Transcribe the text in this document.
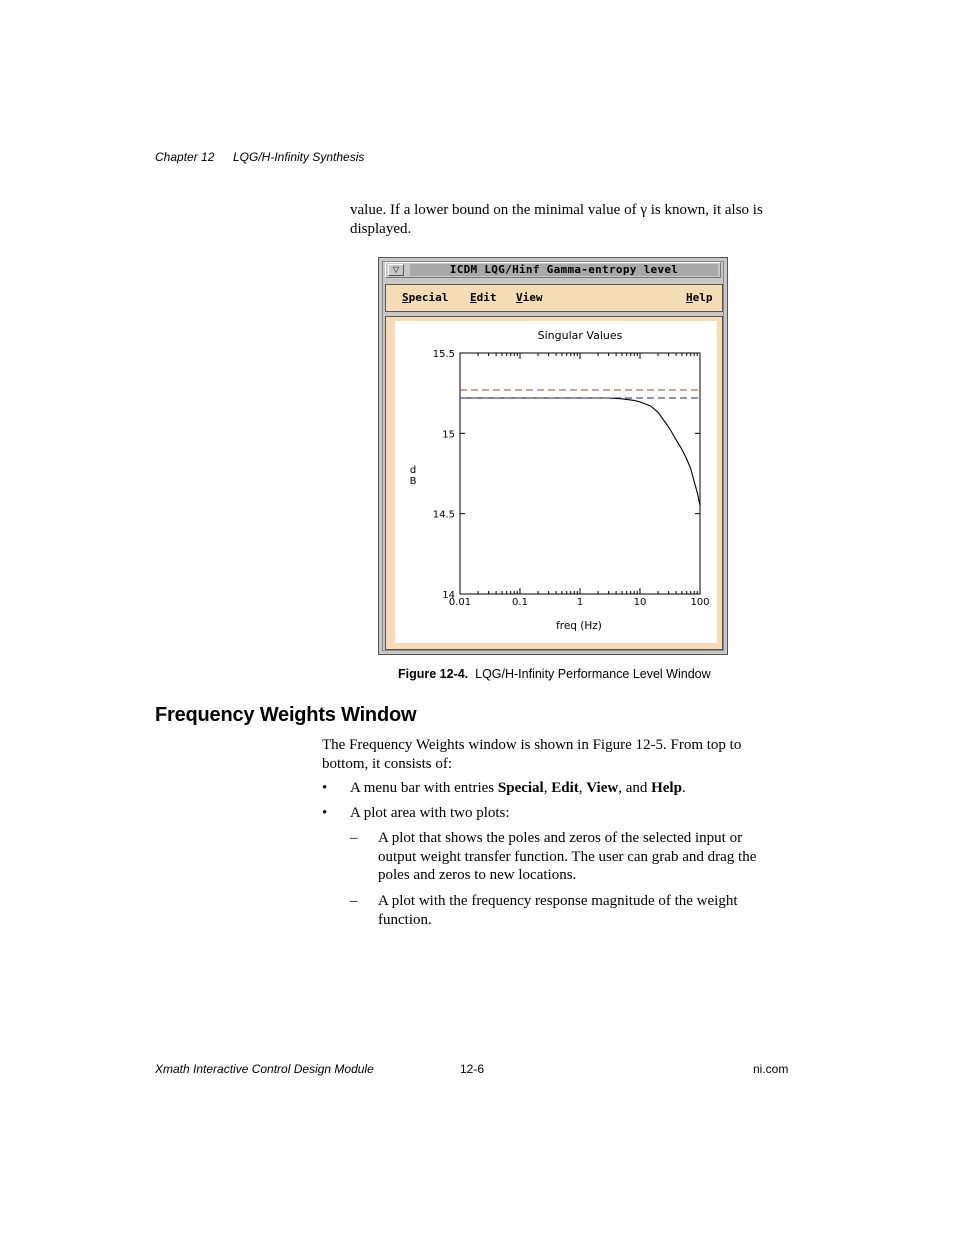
Chapter 12 LQG/H-Infinity Synthesis
value. If a lower bound on the minimal value of γ is known, it also is
displayed.
▽	ICDM LQG/Hinf Gamma-entropy level
Special Edit View	Help
Singular Values
freq (Hz)
d
B
0.01	0.1	1	10	100
15.5
15
14.5
14
Figure 12-4. LQG/H-Infinity Performance Level Window
Frequency Weights Window
The Frequency Weights window is shown in Figure 12-5. From top to
bottom, it consists of:
• A menu bar with entries Special, Edit, View, and Help.
• A plot area with two plots:
– A plot that shows the poles and zeros of the selected input or
output weight transfer function. The user can grab and drag the
poles and zeros to new locations.
– A plot with the frequency response magnitude of the weight
function.
Xmath Interactive Control Design Module	12-6	ni.com
